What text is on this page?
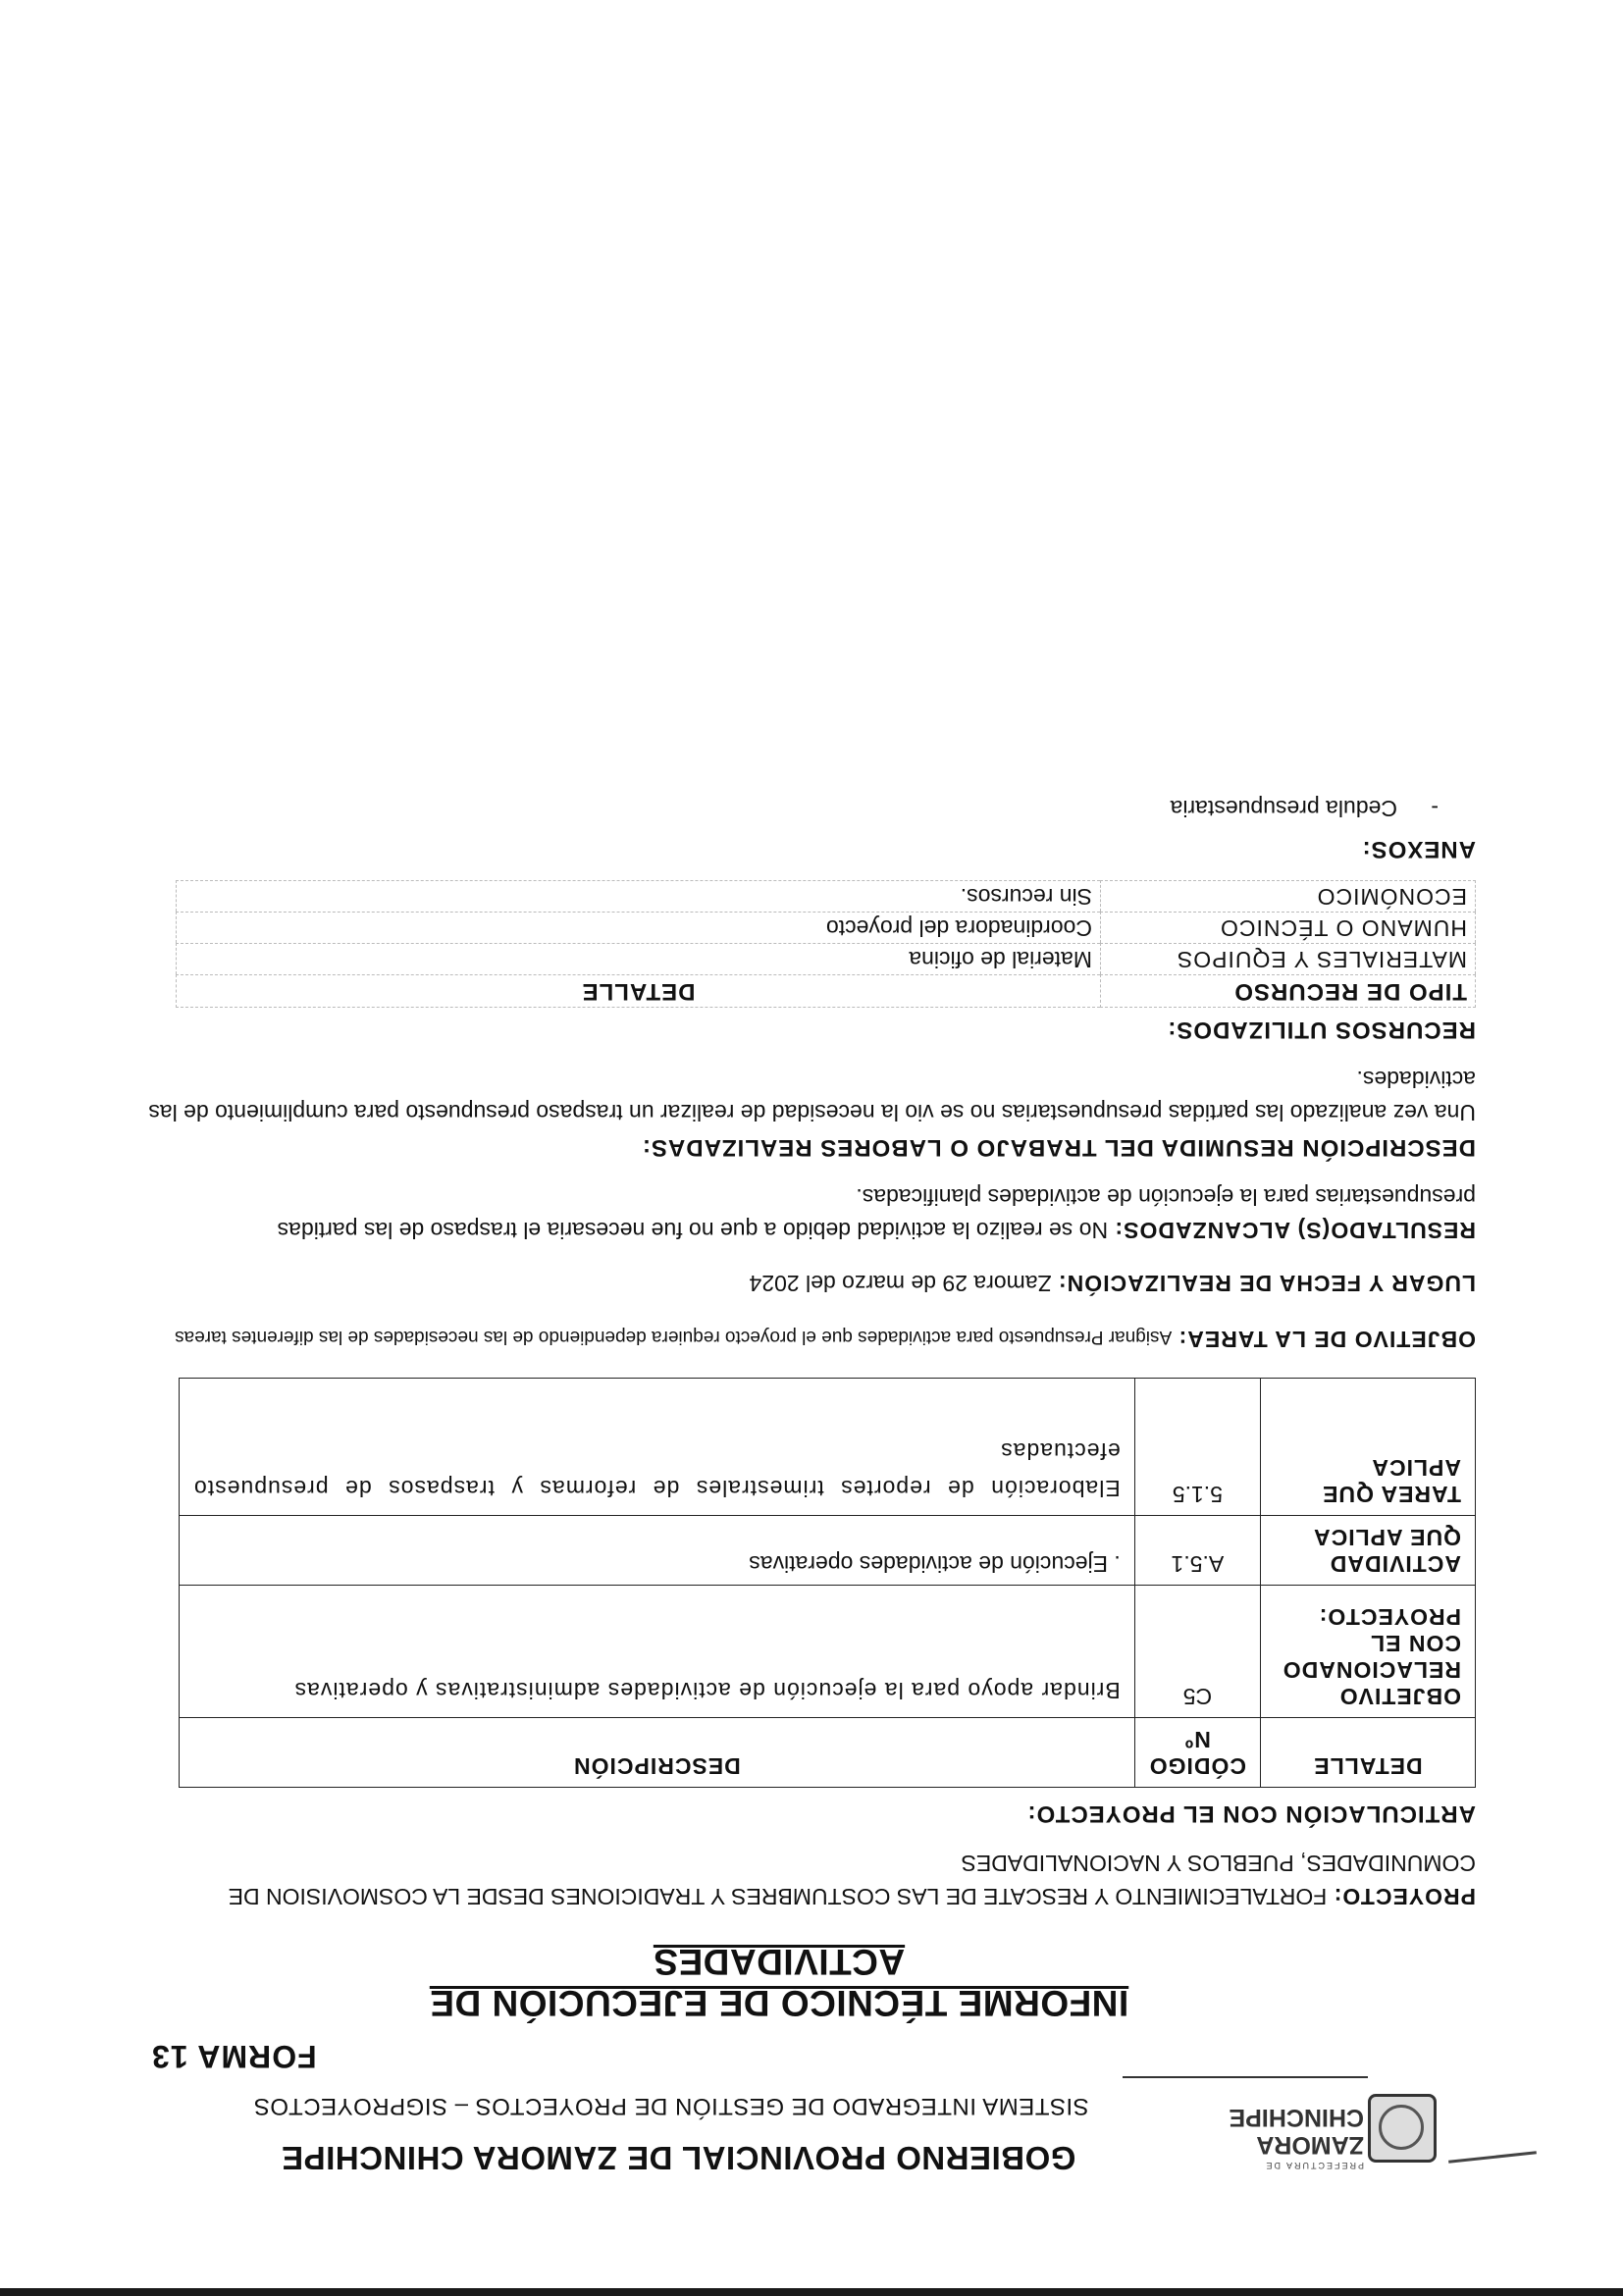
PREFECTURA DE
ZAMORA
CHINCHIPE
GOBIERNO PROVINCIAL DE ZAMORA CHINCHIPE
SISTEMA INTEGRADO DE GESTIÓN DE PROYECTOS – SIGPROYECTOS
FORMA 13
INFORME TÉCNICO DE EJECUCIÓN DE ACTIVIDADES

PROYECTO: FORTALECIMIENTO Y RESCATE DE LAS COSTUMBRES Y TRADICIONES DESDE LA COSMOVISION DE COMUNIDADES, PUEBLOS Y NACIONALIDADES

ARTICULACIÓN CON EL PROYECTO:
DETALLE	CÓDIGO Nº	DESCRIPCIÓN
OBJETIVO RELACIONADO CON EL PROYECTO:	C5	Brindar apoyo para la ejecución de actividades administrativas y operativas
ACTIVIDAD QUE APLICA	A.5.1	. Ejecución de actividades operativas
TAREA QUE APLICA	5.1.5	Elaboración de reportes trimestrales de reformas y traspasos de presupuesto efectuadas

OBJETIVO DE LA TAREA: Asignar Presupuesto para actividades que el proyecto requiera dependiendo de las necesidades de las diferentes tareas

LUGAR Y FECHA DE REALIZACIÓN: Zamora 29 de marzo del 2024

RESULTADO(S) ALCANZADOS: No se realizo la actividad debido a que no fue necesaria el traspaso de las partidas presupuestarias para la ejecución de actividades planificadas.

DESCRIPCIÓN RESUMIDA DEL TRABAJO O LABORES REALIZADAS:

Una vez analizado las partidas presupuestarias no se vio la necesidad de realizar un traspaso presupuesto para cumplimiento de las actividades.

RECURSOS UTILIZADOS:
TIPO DE RECURSO	DETALLE
MATERIALES Y EQUIPOS	Material de oficina
HUMANO O TÉCNICO	Coordinadora del proyecto
ECONÓMICO	Sin recursos.
ANEXOS:
-Cedula presupuestaria
